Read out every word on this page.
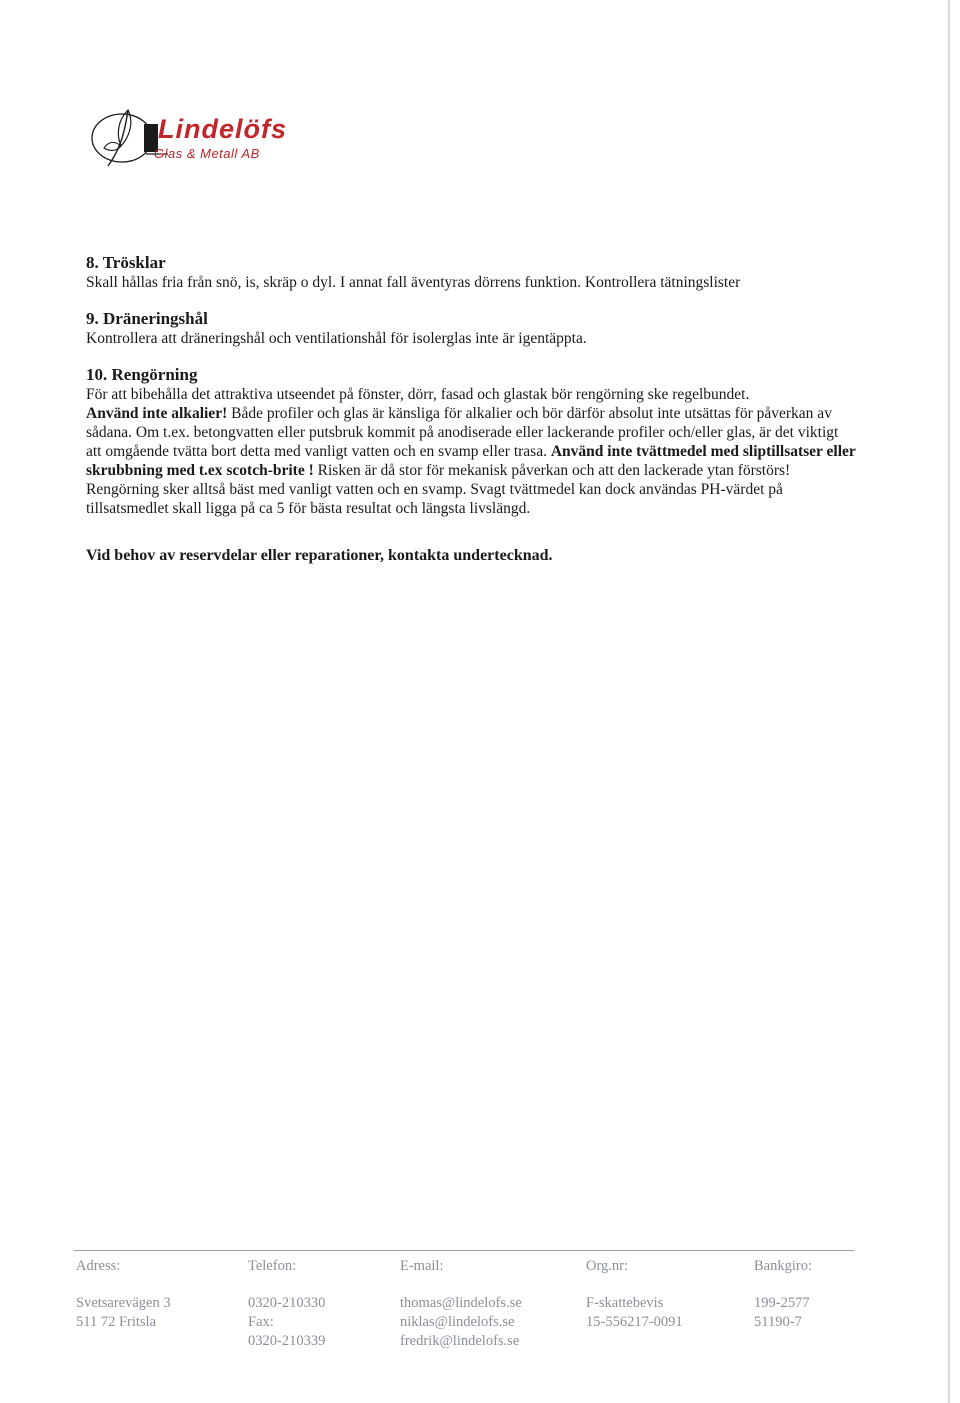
Lindelöfs

Glas & Metall AB

8. Trösklar

Skall hållas fria från snö, is, skräp o dyl. I annat fall äventyras dörrens funktion. Kontrollera tätningslister

9. Dräneringshål

Kontrollera att dräneringshål och ventilationshål för isolerglas inte är igentäppta.

10. Rengörning

För att bibehålla det attraktiva utseendet på fönster, dörr, fasad och glastak bör rengörning ske regelbundet.

Använd inte alkalier! Både profiler och glas är känsliga för alkalier och bör därför absolut inte utsättas för påverkan av sådana. Om t.ex. betongvatten eller putsbruk kommit på anodiserade eller lackerande profiler och/eller glas, är det viktigt att omgående tvätta bort detta med vanligt vatten och en svamp eller trasa. Använd inte tvättmedel med sliptillsatser eller skrubbning med t.ex scotch-brite ! Risken är då stor för mekanisk påverkan och att den lackerade ytan förstörs! Rengörning sker alltså bäst med vanligt vatten och en svamp. Svagt tvättmedel kan dock användas PH-värdet på tillsatsmedlet skall ligga på ca 5 för bästa resultat och längsta livslängd.

Vid behov av reservdelar eller reparationer, kontakta undertecknad.

Adress:

Svetsarevägen 3

511 72 Fritsla

Telefon:

0320-210330

Fax:

0320-210339

E-mail:

thomas@lindelofs.se

niklas@lindelofs.se

fredrik@lindelofs.se

Org.nr:

F-skattebevis

15-556217-0091

Bankgiro:

199-2577

51190-7
